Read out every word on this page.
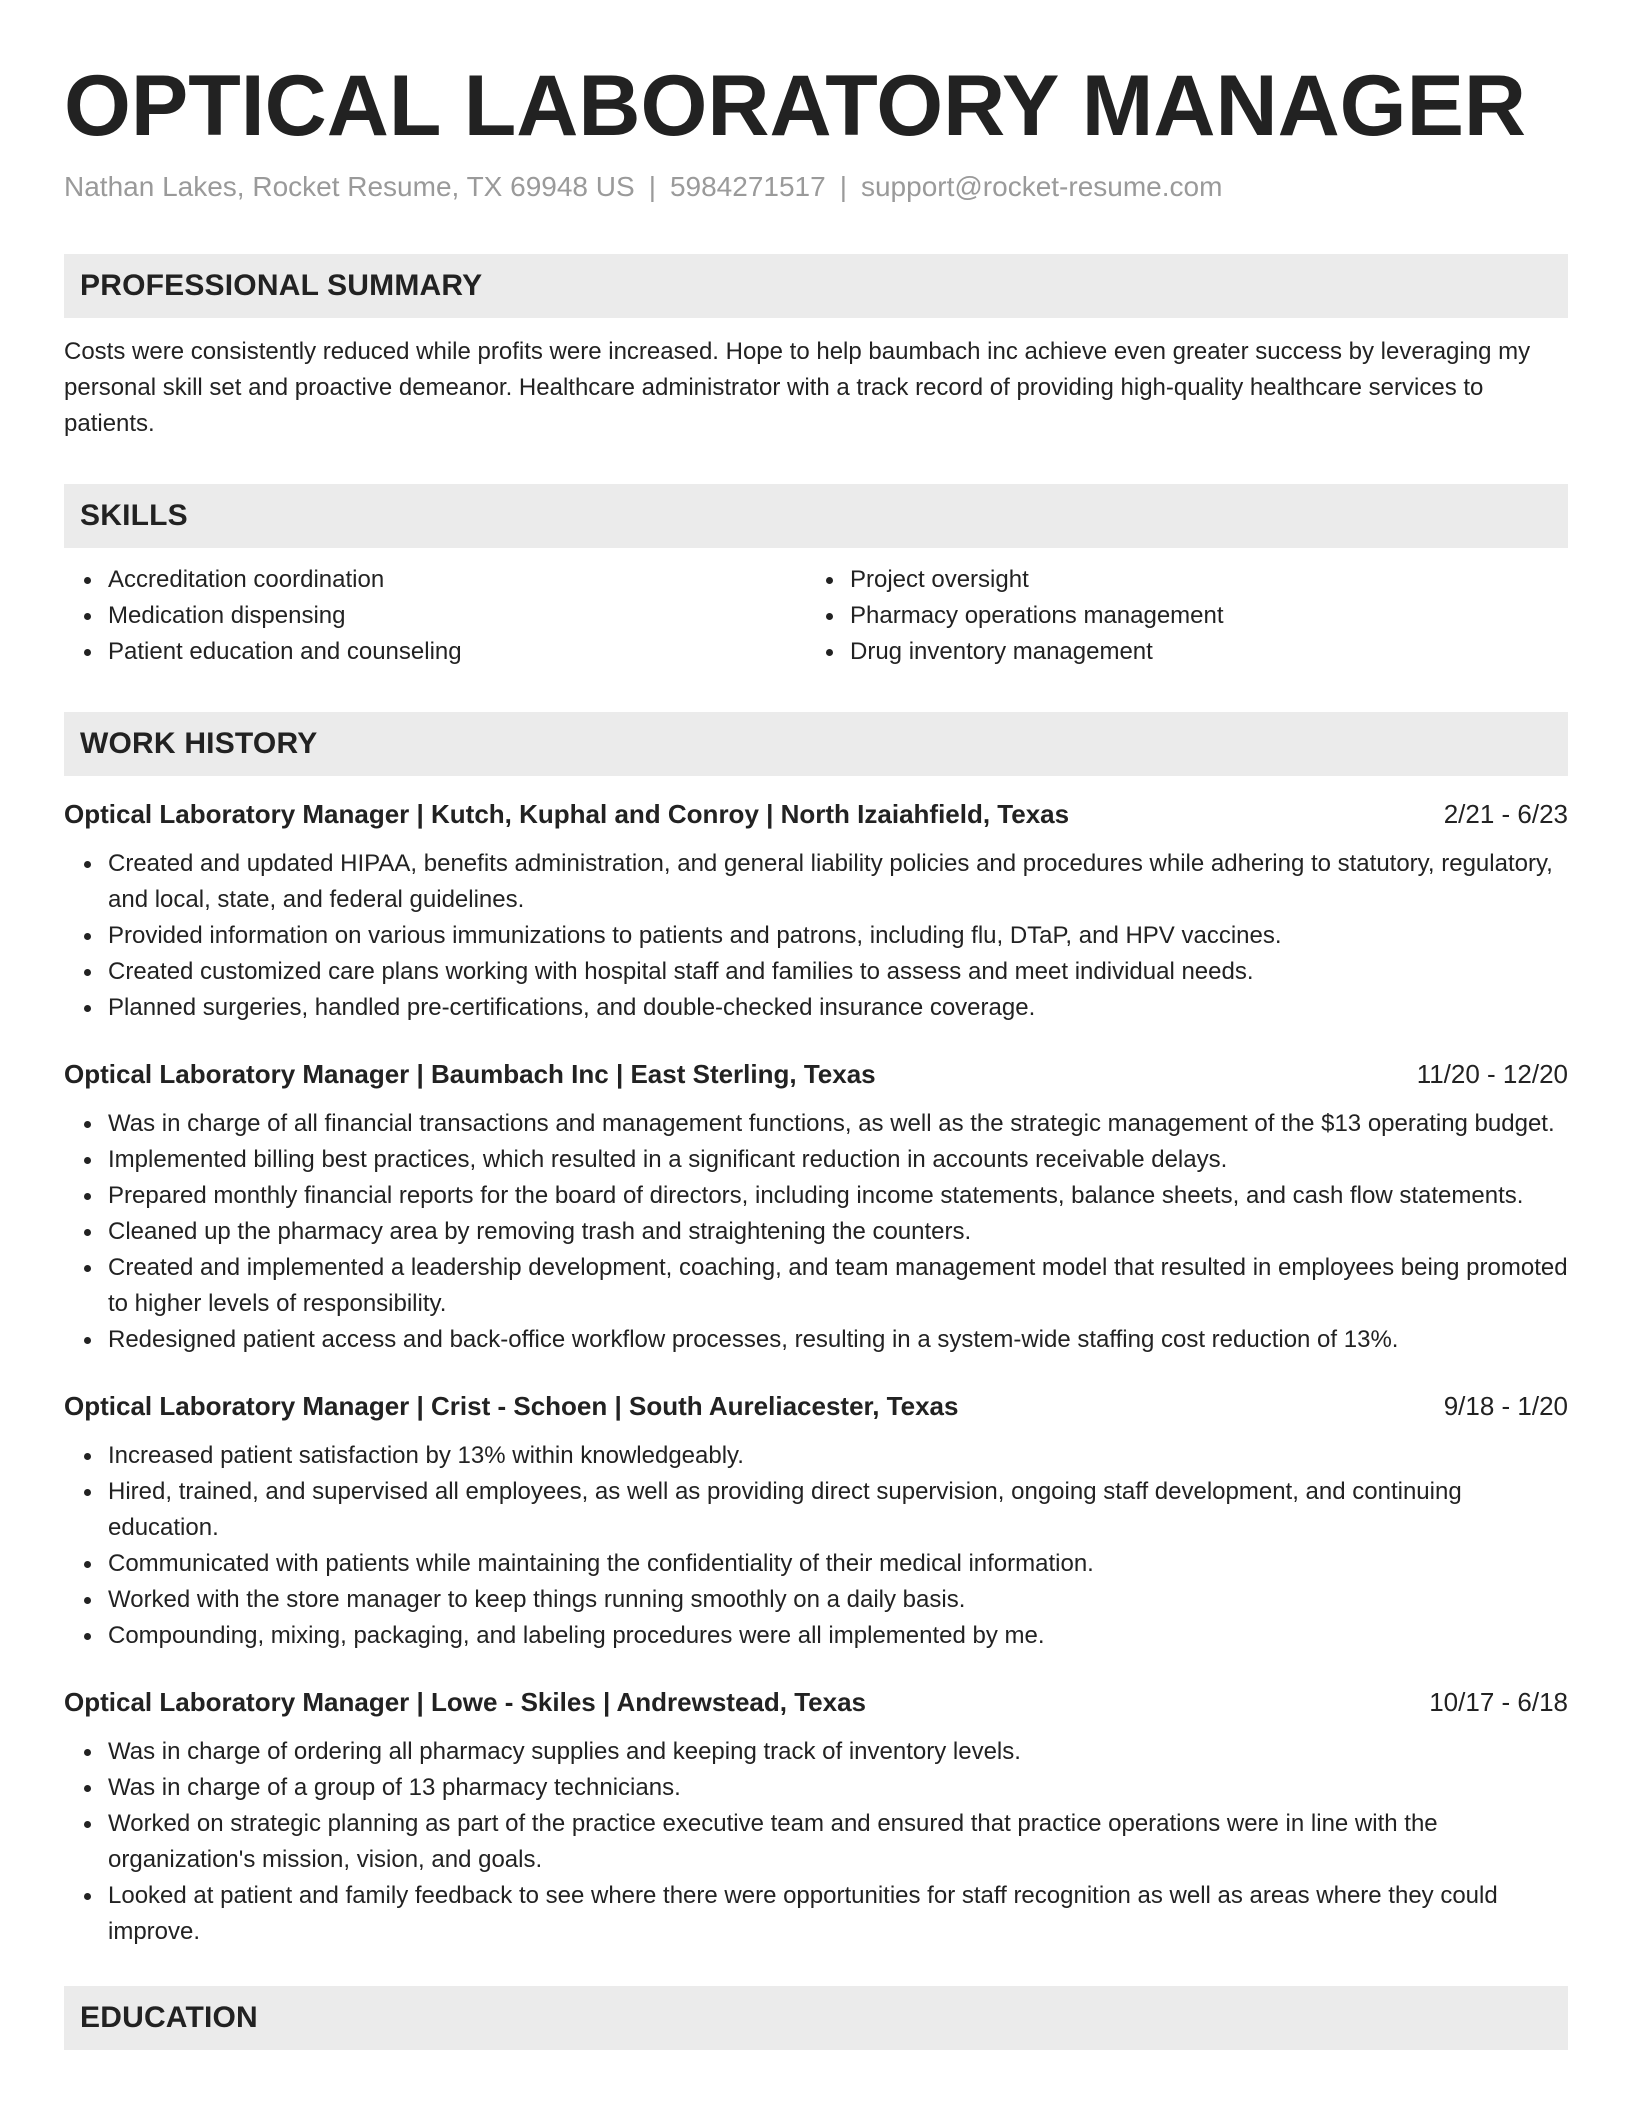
OPTICAL LABORATORY MANAGER
Nathan Lakes, Rocket Resume, TX 69948 US | 5984271517 | support@rocket-resume.com
PROFESSIONAL SUMMARY

Costs were consistently reduced while profits were increased. Hope to help baumbach inc achieve even greater success by leveraging my personal skill set and proactive demeanor. Healthcare administrator with a track record of providing high-quality healthcare services to patients.

SKILLS
Accreditation coordination
Medication dispensing
Patient education and counseling
Project oversight
Pharmacy operations management
Drug inventory management
WORK HISTORY
Optical Laboratory Manager | Kutch, Kuphal and Conroy | North Izaiahfield, Texas	2/21 - 6/23
Created and updated HIPAA, benefits administration, and general liability policies and procedures while adhering to statutory, regulatory, and local, state, and federal guidelines.
Provided information on various immunizations to patients and patrons, including flu, DTaP, and HPV vaccines.
Created customized care plans working with hospital staff and families to assess and meet individual needs.
Planned surgeries, handled pre-certifications, and double-checked insurance coverage.
Optical Laboratory Manager | Baumbach Inc | East Sterling, Texas	11/20 - 12/20
Was in charge of all financial transactions and management functions, as well as the strategic management of the $13 operating budget.
Implemented billing best practices, which resulted in a significant reduction in accounts receivable delays.
Prepared monthly financial reports for the board of directors, including income statements, balance sheets, and cash flow statements.
Cleaned up the pharmacy area by removing trash and straightening the counters.
Created and implemented a leadership development, coaching, and team management model that resulted in employees being promoted to higher levels of responsibility.
Redesigned patient access and back-office workflow processes, resulting in a system-wide staffing cost reduction of 13%.
Optical Laboratory Manager | Crist - Schoen | South Aureliacester, Texas	9/18 - 1/20
Increased patient satisfaction by 13% within knowledgeably.
Hired, trained, and supervised all employees, as well as providing direct supervision, ongoing staff development, and continuing education.
Communicated with patients while maintaining the confidentiality of their medical information.
Worked with the store manager to keep things running smoothly on a daily basis.
Compounding, mixing, packaging, and labeling procedures were all implemented by me.
Optical Laboratory Manager | Lowe - Skiles | Andrewstead, Texas	10/17 - 6/18
Was in charge of ordering all pharmacy supplies and keeping track of inventory levels.
Was in charge of a group of 13 pharmacy technicians.
Worked on strategic planning as part of the practice executive team and ensured that practice operations were in line with the organization's mission, vision, and goals.
Looked at patient and family feedback to see where there were opportunities for staff recognition as well as areas where they could improve.
EDUCATION
